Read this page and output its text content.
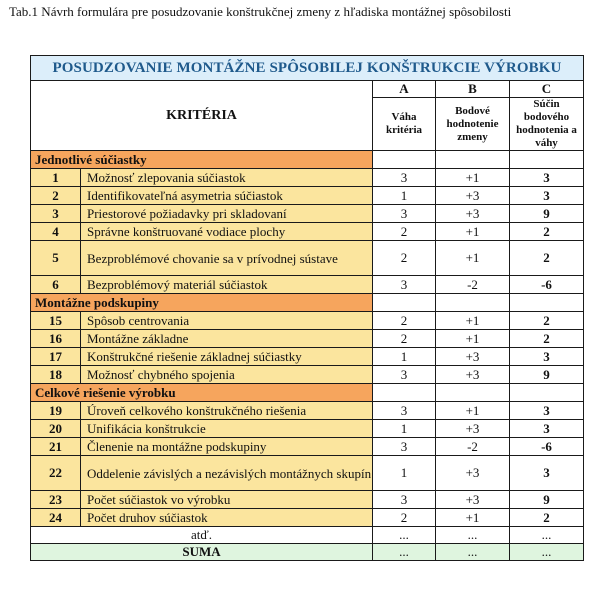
Tab.1 Návrh formulára pre posudzovanie konštrukčnej zmeny z hľadiska montážnej spôsobilosti
POSUDZOVANIE MONTÁŽNE SPÔSOBILEJ KONŠTRUKCIE VÝROBKU				
KRITÉRIA		A	B	C
		Váha kritéria	Bodové hodnotenie zmeny	Súčin bodového hodnotenia a váhy
Jednotlivé súčiastky				
1	Možnosť zlepovania súčiastok	3	+1	3
2	Identifikovateľná asymetria súčiastok	1	+3	3
3	Priestorové požiadavky pri skladovaní	3	+3	9
4	Správne konštruované vodiace plochy	2	+1	2
5	Bezproblémové chovanie sa v prívodnej sústave	2	+1	2
6	Bezproblémový materiál súčiastok	3	-2	-6
Montážne podskupiny				
15	Spôsob centrovania	2	+1	2
16	Montážne základne	2	+1	2
17	Konštrukčné riešenie základnej súčiastky	1	+3	3
18	Možnosť chybného spojenia	3	+3	9
Celkové riešenie výrobku				
19	Úroveň celkového konštrukčného riešenia	3	+1	3
20	Unifikácia konštrukcie	1	+3	3
21	Členenie na montážne podskupiny	3	-2	-6
22	Oddelenie závislých a nezávislých montážnych skupín	1	+3	3
23	Počet súčiastok vo výrobku	3	+3	9
24	Počet druhov súčiastok	2	+1	2
atď.		...	...	...
SUMA		...	...	...
